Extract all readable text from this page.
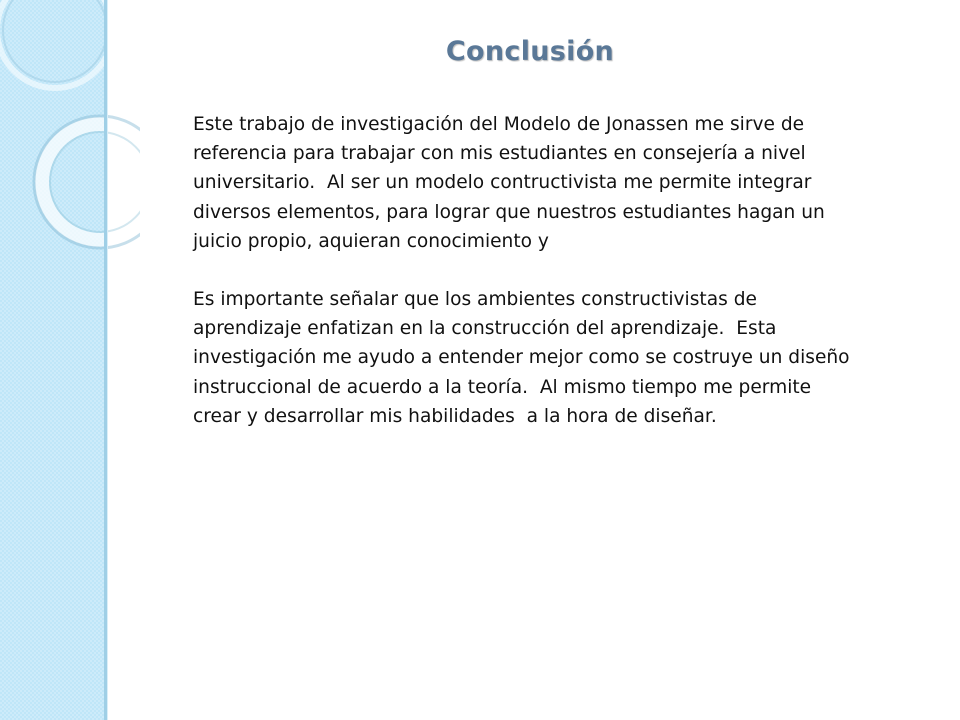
Conclusión

Este trabajo de investigación del Modelo de Jonassen me sirve de referencia para trabajar con mis estudiantes en consejería a nivel universitario.  Al ser un modelo contructivista me permite integrar diversos elementos, para lograr que nuestros estudiantes hagan un juicio propio, aquieran conocimiento y

Es importante señalar que los ambientes constructivistas de aprendizaje enfatizan en la construcción del aprendizaje.  Esta investigación me ayudo a entender mejor como se costruye un diseño instruccional de acuerdo a la teoría.  Al mismo tiempo me permite crear y desarrollar mis habilidades  a la hora de diseñar.
